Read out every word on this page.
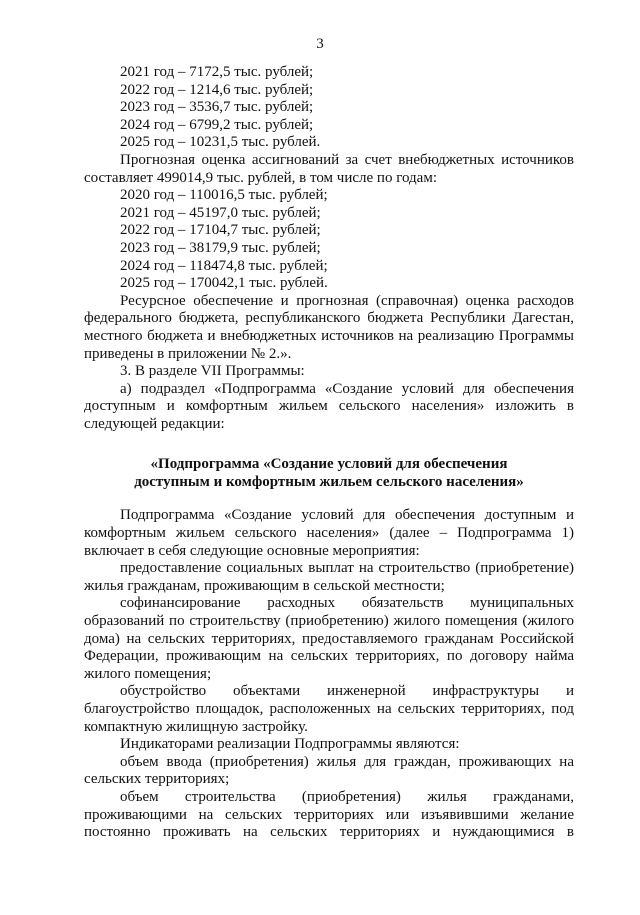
3
2021 год – 7172,5 тыс. рублей;
2022 год – 1214,6 тыс. рублей;
2023 год – 3536,7 тыс. рублей;
2024 год – 6799,2 тыс. рублей;
2025 год – 10231,5 тыс. рублей.
Прогнозная оценка ассигнований за счет внебюджетных источников
составляет 499014,9 тыс. рублей, в том числе по годам:
2020 год – 110016,5 тыс. рублей;
2021 год – 45197,0 тыс. рублей;
2022 год – 17104,7 тыс. рублей;
2023 год – 38179,9 тыс. рублей;
2024 год – 118474,8 тыс. рублей;
2025 год – 170042,1 тыс. рублей.
Ресурсное обеспечение и прогнозная (справочная) оценка расходов
федерального бюджета, республиканского бюджета Республики Дагестан,
местного бюджета и внебюджетных источников на реализацию Программы
приведены в приложении № 2.».
3. В разделе VII Программы:
а) подраздел «Подпрограмма «Создание условий для обеспечения
доступным и комфортным жильем сельского населения» изложить в
следующей редакции:
«Подпрограмма «Создание условий для обеспечения
доступным и комфортным жильем сельского населения»
Подпрограмма «Создание условий для обеспечения доступным и
комфортным жильем сельского населения» (далее – Подпрограмма 1)
включает в себя следующие основные мероприятия:
предоставление социальных выплат на строительство (приобретение)
жилья гражданам, проживающим в сельской местности;
софинансирование расходных обязательств муниципальных
образований по строительству (приобретению) жилого помещения (жилого
дома) на сельских территориях, предоставляемого гражданам Российской
Федерации, проживающим на сельских территориях, по договору найма
жилого помещения;
обустройство объектами инженерной инфраструктуры и
благоустройство площадок, расположенных на сельских территориях, под
компактную жилищную застройку.
Индикаторами реализации Подпрограммы являются:
объем ввода (приобретения) жилья для граждан, проживающих на
сельских территориях;
объем строительства (приобретения) жилья гражданами,
проживающими на сельских территориях или изъявившими желание
постоянно проживать на сельских территориях и нуждающимися в
